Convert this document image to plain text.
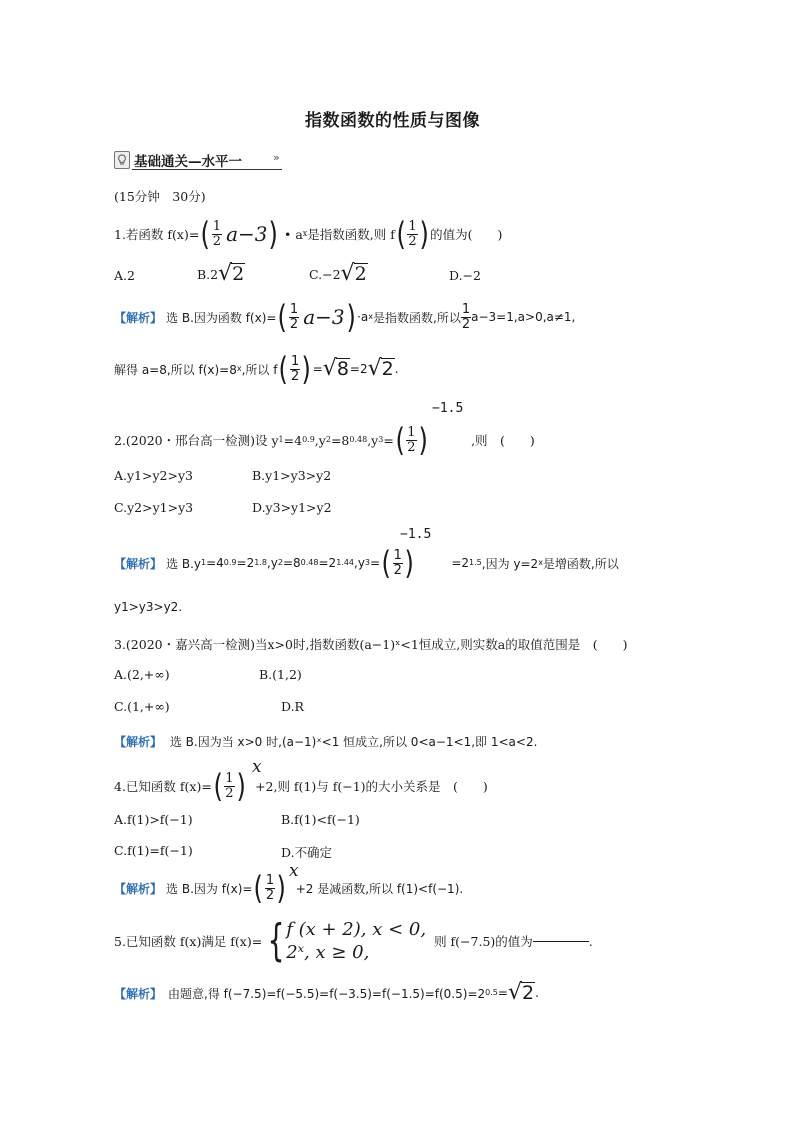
指数函数的性质与图像
基础通关—水平一	»
(15分钟　30分)
1.若函数 f(x)= ( $\frac{1}{2} a-3$ ) • a x 是指数函数,则 f ( $\frac{1}{2}$ ) 的值为(　　)
A.2	B.2 √ 2	C.−2 √ 2	D.−2
【解析】 选 B.因为函数 f(x)= ( $\frac{1}{2} a-3$ ) ·a x 是指数函数,所以 $\frac{1}{2} a-3=1,a>0,a\ne 1$,
解得 a=8,所以 f(x)=8 x ,所以 f ( $\frac{1}{2}$ ) = √ 8 =2 √ 2 .
2.(2020・邢台高一检测)设 y 1 =4 0.9 ,y 2 =8 0.48 ,y 3 = ( $\frac{1}{2}$ )	,则　(　　)
−1.5
A.y1>y2>y3	B.y1>y3>y2
C.y2>y1>y3	D.y3>y1>y2
【解析】 选 B.y 1 =4 0.9 =2 1.8 ,y 2 =8 0.48 =2 1.44 ,y 3 = ( $\frac{1}{2}$ )	=2 1.5 ,因为 y=2 x 是增函数,所以
−1.5
y1>y3>y2.
3.(2020・嘉兴高一检测)当x>0时,指数函数(a−1)ˣ<1恒成立,则实数a的取值范围是　(　　)
A.(2,+∞)	B.(1,2)
C.(1,+∞)	D.R
【解析】 选 B.因为当 x>0 时,(a−1)ˣ<1 恒成立,所以 0<a−1<1,即 1<a<2.
4.已知函数 f(x)= ( $\frac{1}{2}$ ) +2,则 f(1)与 f(−1)的大小关系是　(　　)
x
A.f(1)>f(−1)	B.f(1)<f(−1)
C.f(1)=f(−1)	D.不确定
【解析】 选 B.因为 f(x)= ( $\frac{1}{2}$ ) +2 是减函数,所以 f(1)<f(−1).
x
5.已知函数 f(x)满足 f(x)= { f (x + 2), x < 0,
2ˣ, x ≥ 0,
则 f(−7.5)的值为	.
【解析】 由题意,得 f(−7.5)=f(−5.5)=f(−3.5)=f(−1.5)=f(0.5)=2 0.5 = √ 2 .
